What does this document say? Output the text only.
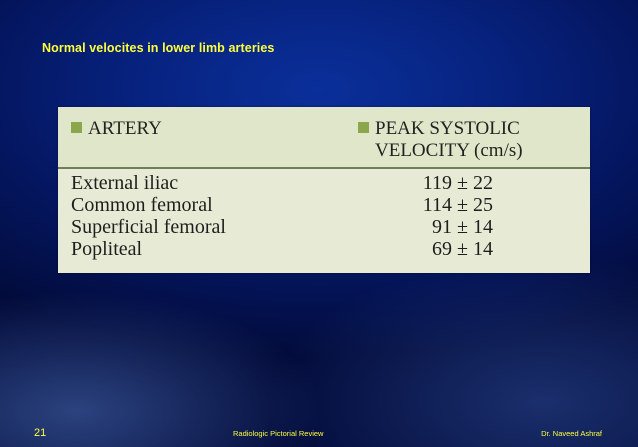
Normal velocites in lower limb arteries
ARTERY	PEAK SYSTOLIC
VELOCITY (cm/s)
External iliac	119 ± 22
Common femoral	114 ± 25
Superficial femoral	91 ± 14
Popliteal	69 ± 14
21	Radiologic Pictorial Review	Dr. Naveed Ashraf
